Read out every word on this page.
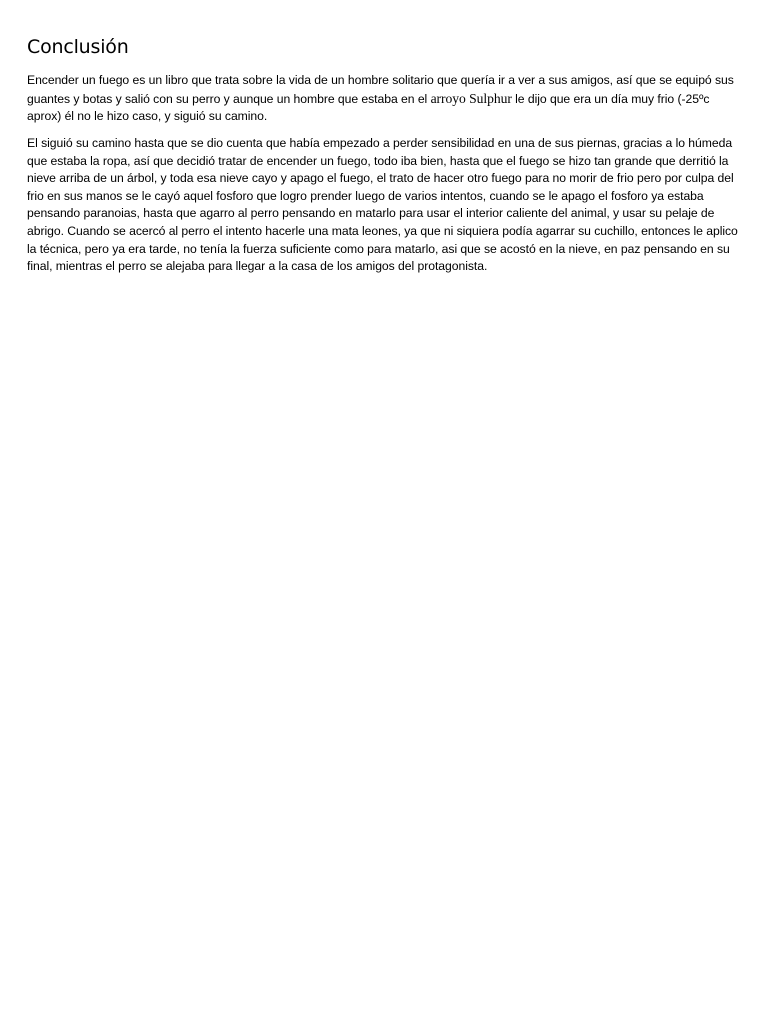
Conclusión

Encender un fuego es un libro que trata sobre la vida de un hombre solitario que quería ir a ver a sus amigos, así que se equipó sus guantes y botas y salió con su perro y aunque un hombre que estaba en el arroyo Sulphur le dijo que era un día muy frio (-25ºc aprox) él no le hizo caso, y siguió su camino.

El siguió su camino hasta que se dio cuenta que había empezado a perder sensibilidad en una de sus piernas, gracias a lo húmeda que estaba la ropa, así que decidió tratar de encender un fuego, todo iba bien, hasta que el fuego se hizo tan grande que derritió la nieve arriba de un árbol, y toda esa nieve cayo y apago el fuego, el trato de hacer otro fuego para no morir de frio pero por culpa del frio en sus manos se le cayó aquel fosforo que logro prender luego de varios intentos, cuando se le apago el fosforo ya estaba pensando paranoias, hasta que agarro al perro pensando en matarlo para usar el interior caliente del animal, y usar su pelaje de abrigo. Cuando se acercó al perro el intento hacerle una mata leones, ya que ni siquiera podía agarrar su cuchillo, entonces le aplico la técnica, pero ya era tarde, no tenía la fuerza suficiente como para matarlo, asi que se acostó en la nieve, en paz pensando en su final, mientras el perro se alejaba para llegar a la casa de los amigos del protagonista.
